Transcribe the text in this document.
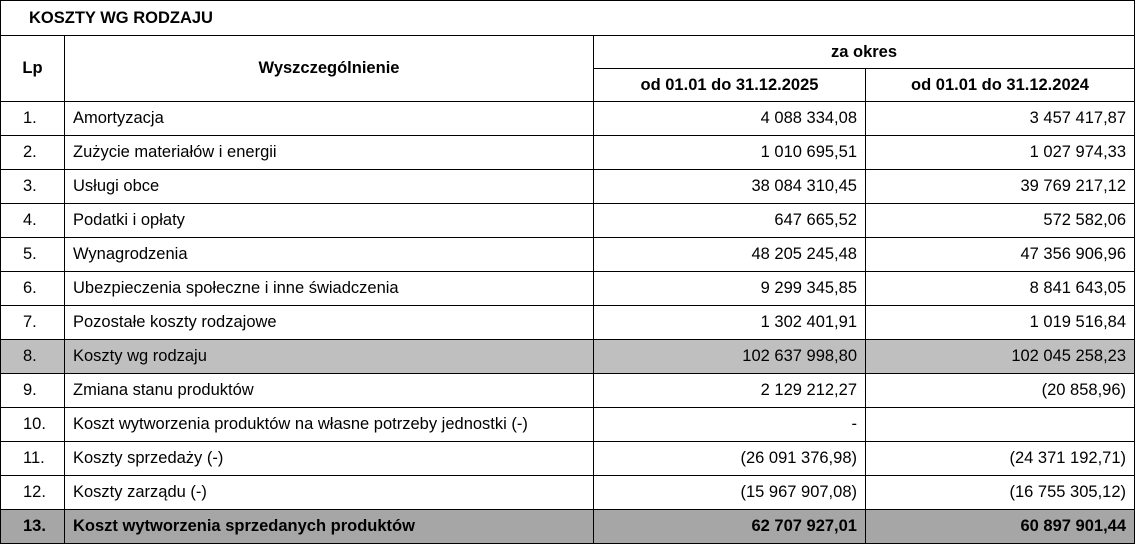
KOSZTY WG RODZAJU			
Lp	Wyszczególnienie	za okres	
		od 01.01 do 31.12.2025	od 01.01 do 31.12.2024
1.	Amortyzacja	4 088 334,08	3 457 417,87
2.	Zużycie materiałów i energii	1 010 695,51	1 027 974,33
3.	Usługi obce	38 084 310,45	39 769 217,12
4.	Podatki i opłaty	647 665,52	572 582,06
5.	Wynagrodzenia	48 205 245,48	47 356 906,96
6.	Ubezpieczenia społeczne i inne świadczenia	9 299 345,85	8 841 643,05
7.	Pozostałe koszty rodzajowe	1 302 401,91	1 019 516,84
8.	Koszty wg rodzaju	102 637 998,80	102 045 258,23
9.	Zmiana stanu produktów	2 129 212,27	(20 858,96)
10.	Koszt wytworzenia produktów na własne potrzeby jednostki (-)	-	
11.	Koszty sprzedaży (-)	(26 091 376,98)	(24 371 192,71)
12.	Koszty zarządu (-)	(15 967 907,08)	(16 755 305,12)
13.	Koszt wytworzenia sprzedanych produktów	62 707 927,01	60 897 901,44
